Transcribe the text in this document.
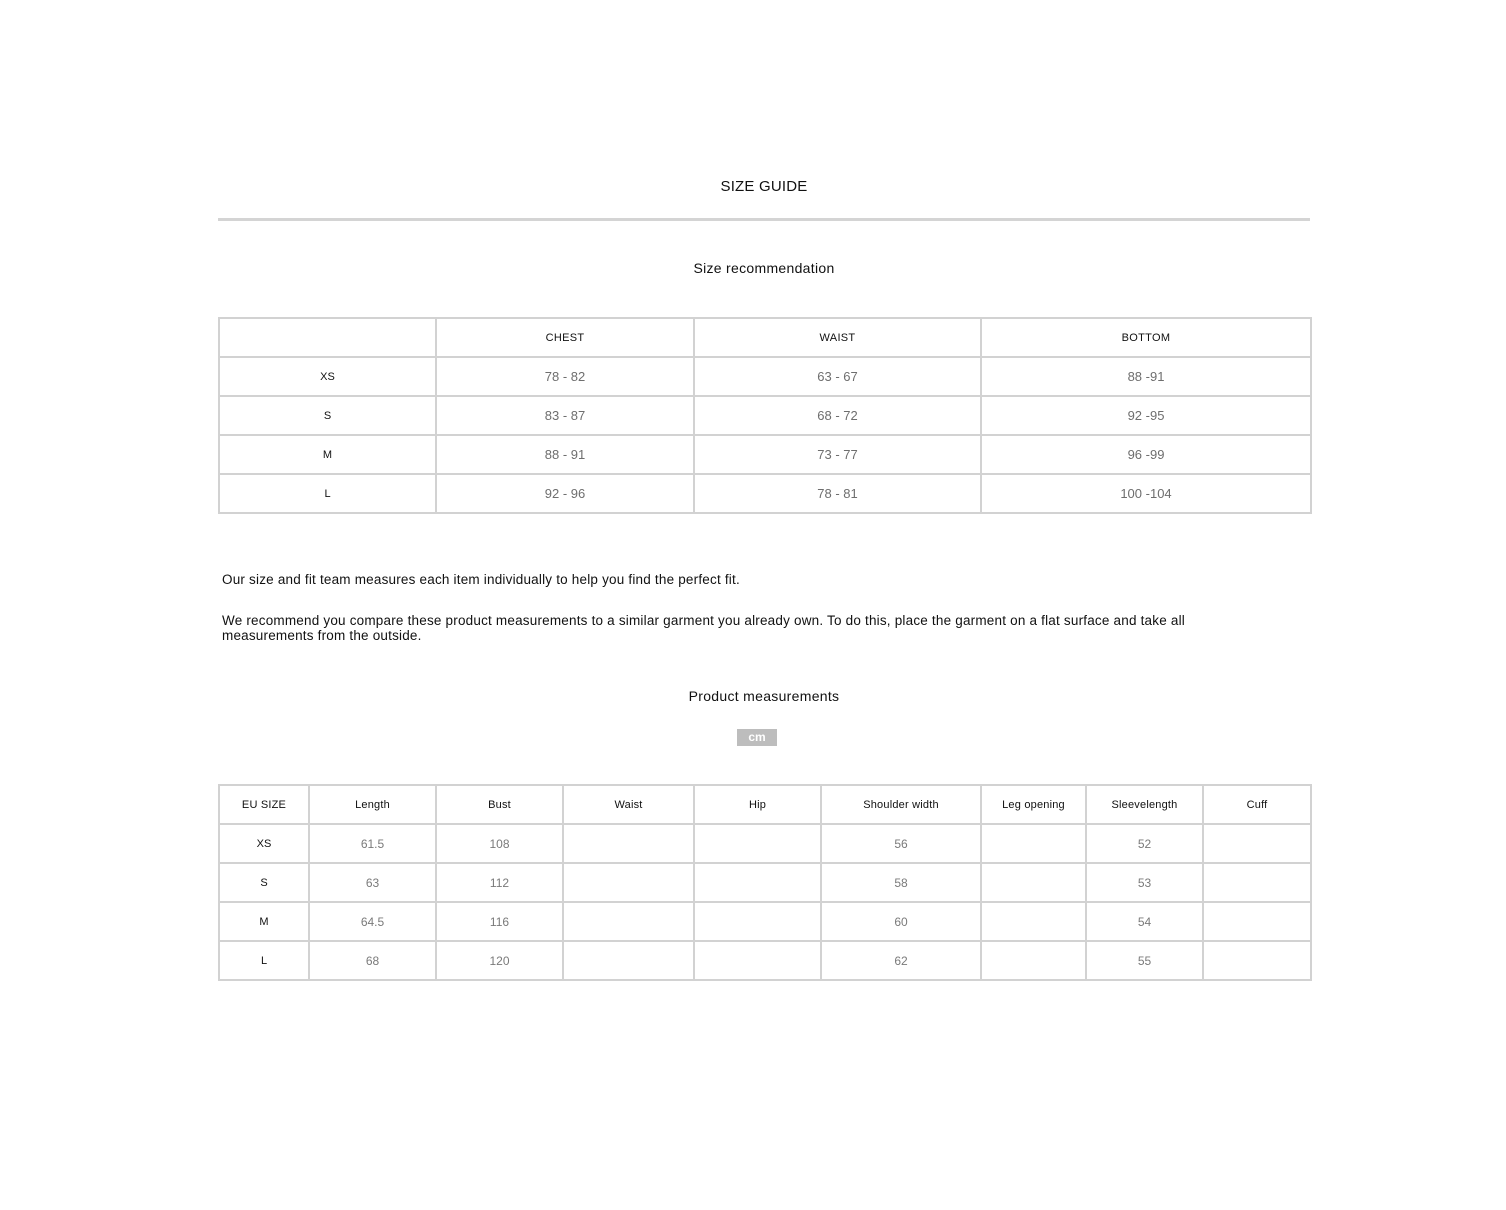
SIZE GUIDE
Size recommendation
	CHEST	WAIST	BOTTOM
XS	78 - 82	63 - 67	88 -91
S	83 - 87	68 - 72	92 -95
M	88 - 91	73 - 77	96 -99
L	92 - 96	78 - 81	100 -104
Our size and fit team measures each item individually to help you find the perfect fit.
We recommend you compare these product measurements to a similar garment you already own. To do this, place the garment on a flat surface and take all measurements from the outside.
Product measurements
cm
EU SIZE	Length	Bust	Waist	Hip	Shoulder width	Leg opening	Sleevelength	Cuff
XS	61.5	108			56		52	
S	63	112			58		53	
M	64.5	116			60		54	
L	68	120			62		55	
